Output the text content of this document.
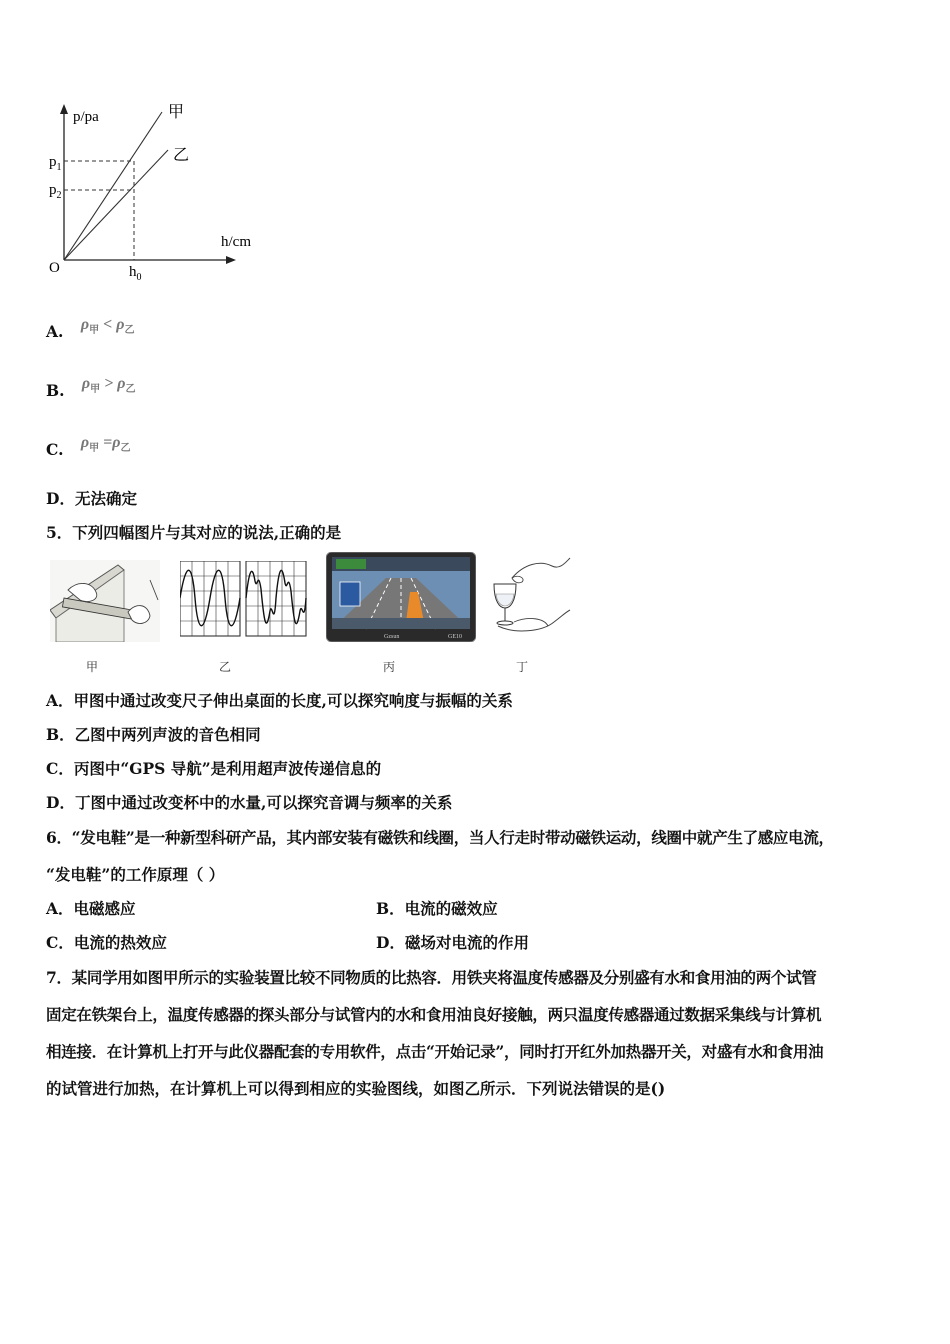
p/pa
h/cm
O	$h_0$
$p_1$
$p_2$
甲
乙
A. $\rho_甲 < \rho_乙$
B. $\rho_甲 > \rho_乙$
C. $\rho_甲 =\rho_乙$
D．无法确定
5．下列四幅图片与其对应的说法,正确的是
Gzsun	GE10
甲	乙	丙	丁
A．甲图中通过改变尺子伸出桌面的长度,可以探究响度与振幅的关系
B．乙图中两列声波的音色相同
C．丙图中“GPS 导航”是利用超声波传递信息的
D．丁图中通过改变杯中的水量,可以探究音调与频率的关系
6．“发电鞋”是一种新型科研产品，其内部安装有磁铁和线圈，当人行走时带动磁铁运动，线圈中就产生了感应电流，
“发电鞋”的工作原理（ ）
A．电磁感应	B．电流的磁效应
C．电流的热效应	D．磁场对电流的作用
7．某同学用如图甲所示的实验装置比较不同物质的比热容．用铁夹将温度传感器及分别盛有水和食用油的两个试管
固定在铁架台上，温度传感器的探头部分与试管内的水和食用油良好接触，两只温度传感器通过数据采集线与计算机
相连接．在计算机上打开与此仪器配套的专用软件，点击“开始记录”，同时打开红外加热器开关，对盛有水和食用油
的试管进行加热，在计算机上可以得到相应的实验图线，如图乙所示．下列说法错误的是()
